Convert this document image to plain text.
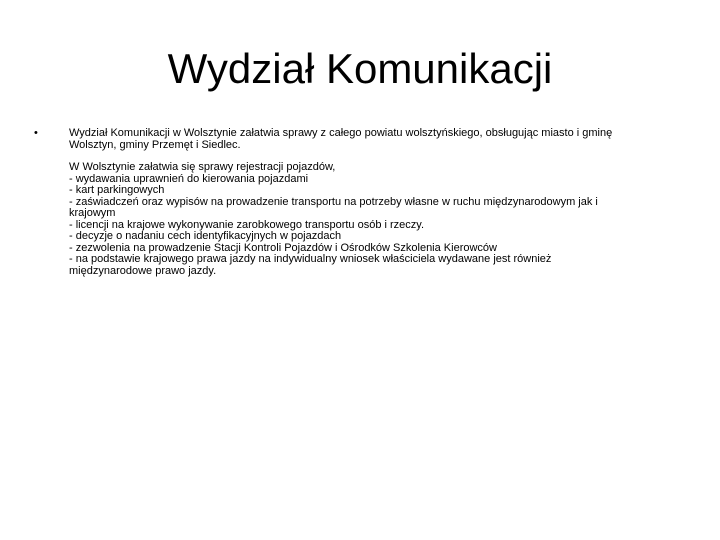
Wydział Komunikacji
•	Wydział Komunikacji w Wolsztynie załatwia sprawy z całego powiatu wolsztyńskiego, obsługując miasto i gminę
Wolsztyn, gminy Przemęt i Siedlec.

W Wolsztynie załatwia się sprawy rejestracji pojazdów,
- wydawania uprawnień do kierowania pojazdami
- kart parkingowych
- zaświadczeń oraz wypisów na prowadzenie transportu na potrzeby własne w ruchu międzynarodowym jak i
krajowym
- licencji na krajowe wykonywanie zarobkowego transportu osób i rzeczy.
- decyzje o nadaniu cech identyfikacyjnych w pojazdach
- zezwolenia na prowadzenie Stacji Kontroli Pojazdów i Ośrodków Szkolenia Kierowców
- na podstawie krajowego prawa jazdy na indywidualny wniosek właściciela wydawane jest również
międzynarodowe prawo jazdy.
